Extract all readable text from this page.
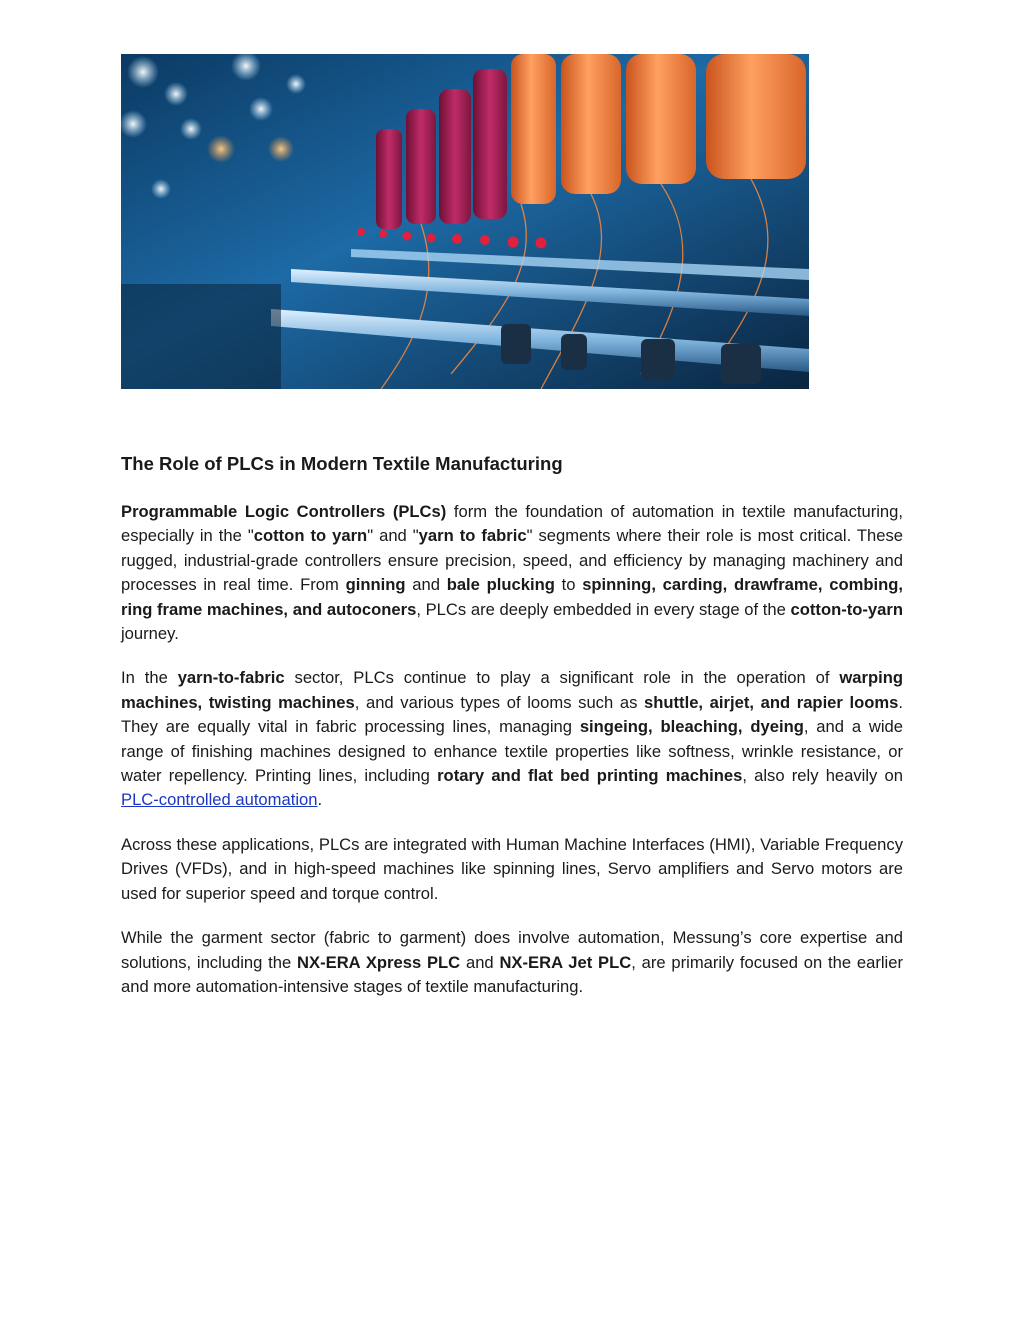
The Role of PLCs in Modern Textile Manufacturing

Programmable Logic Controllers (PLCs) form the foundation of automation in textile manufacturing, especially in the "cotton to yarn" and "yarn to fabric" segments where their role is most critical. These rugged, industrial-grade controllers ensure precision, speed, and efficiency by managing machinery and processes in real time. From ginning and bale plucking to spinning, carding, drawframe, combing, ring frame machines, and autoconers, PLCs are deeply embedded in every stage of the cotton-to-yarn journey.

In the yarn-to-fabric sector, PLCs continue to play a significant role in the operation of warping machines, twisting machines, and various types of looms such as shuttle, airjet, and rapier looms. They are equally vital in fabric processing lines, managing singeing, bleaching, dyeing, and a wide range of finishing machines designed to enhance textile properties like softness, wrinkle resistance, or water repellency. Printing lines, including rotary and flat bed printing machines, also rely heavily on PLC-controlled automation.

Across these applications, PLCs are integrated with Human Machine Interfaces (HMI), Variable Frequency Drives (VFDs), and in high-speed machines like spinning lines, Servo amplifiers and Servo motors are used for superior speed and torque control.

While the garment sector (fabric to garment) does involve automation, Messung’s core expertise and solutions, including the NX-ERA Xpress PLC and NX-ERA Jet PLC, are primarily focused on the earlier and more automation-intensive stages of textile manufacturing.
